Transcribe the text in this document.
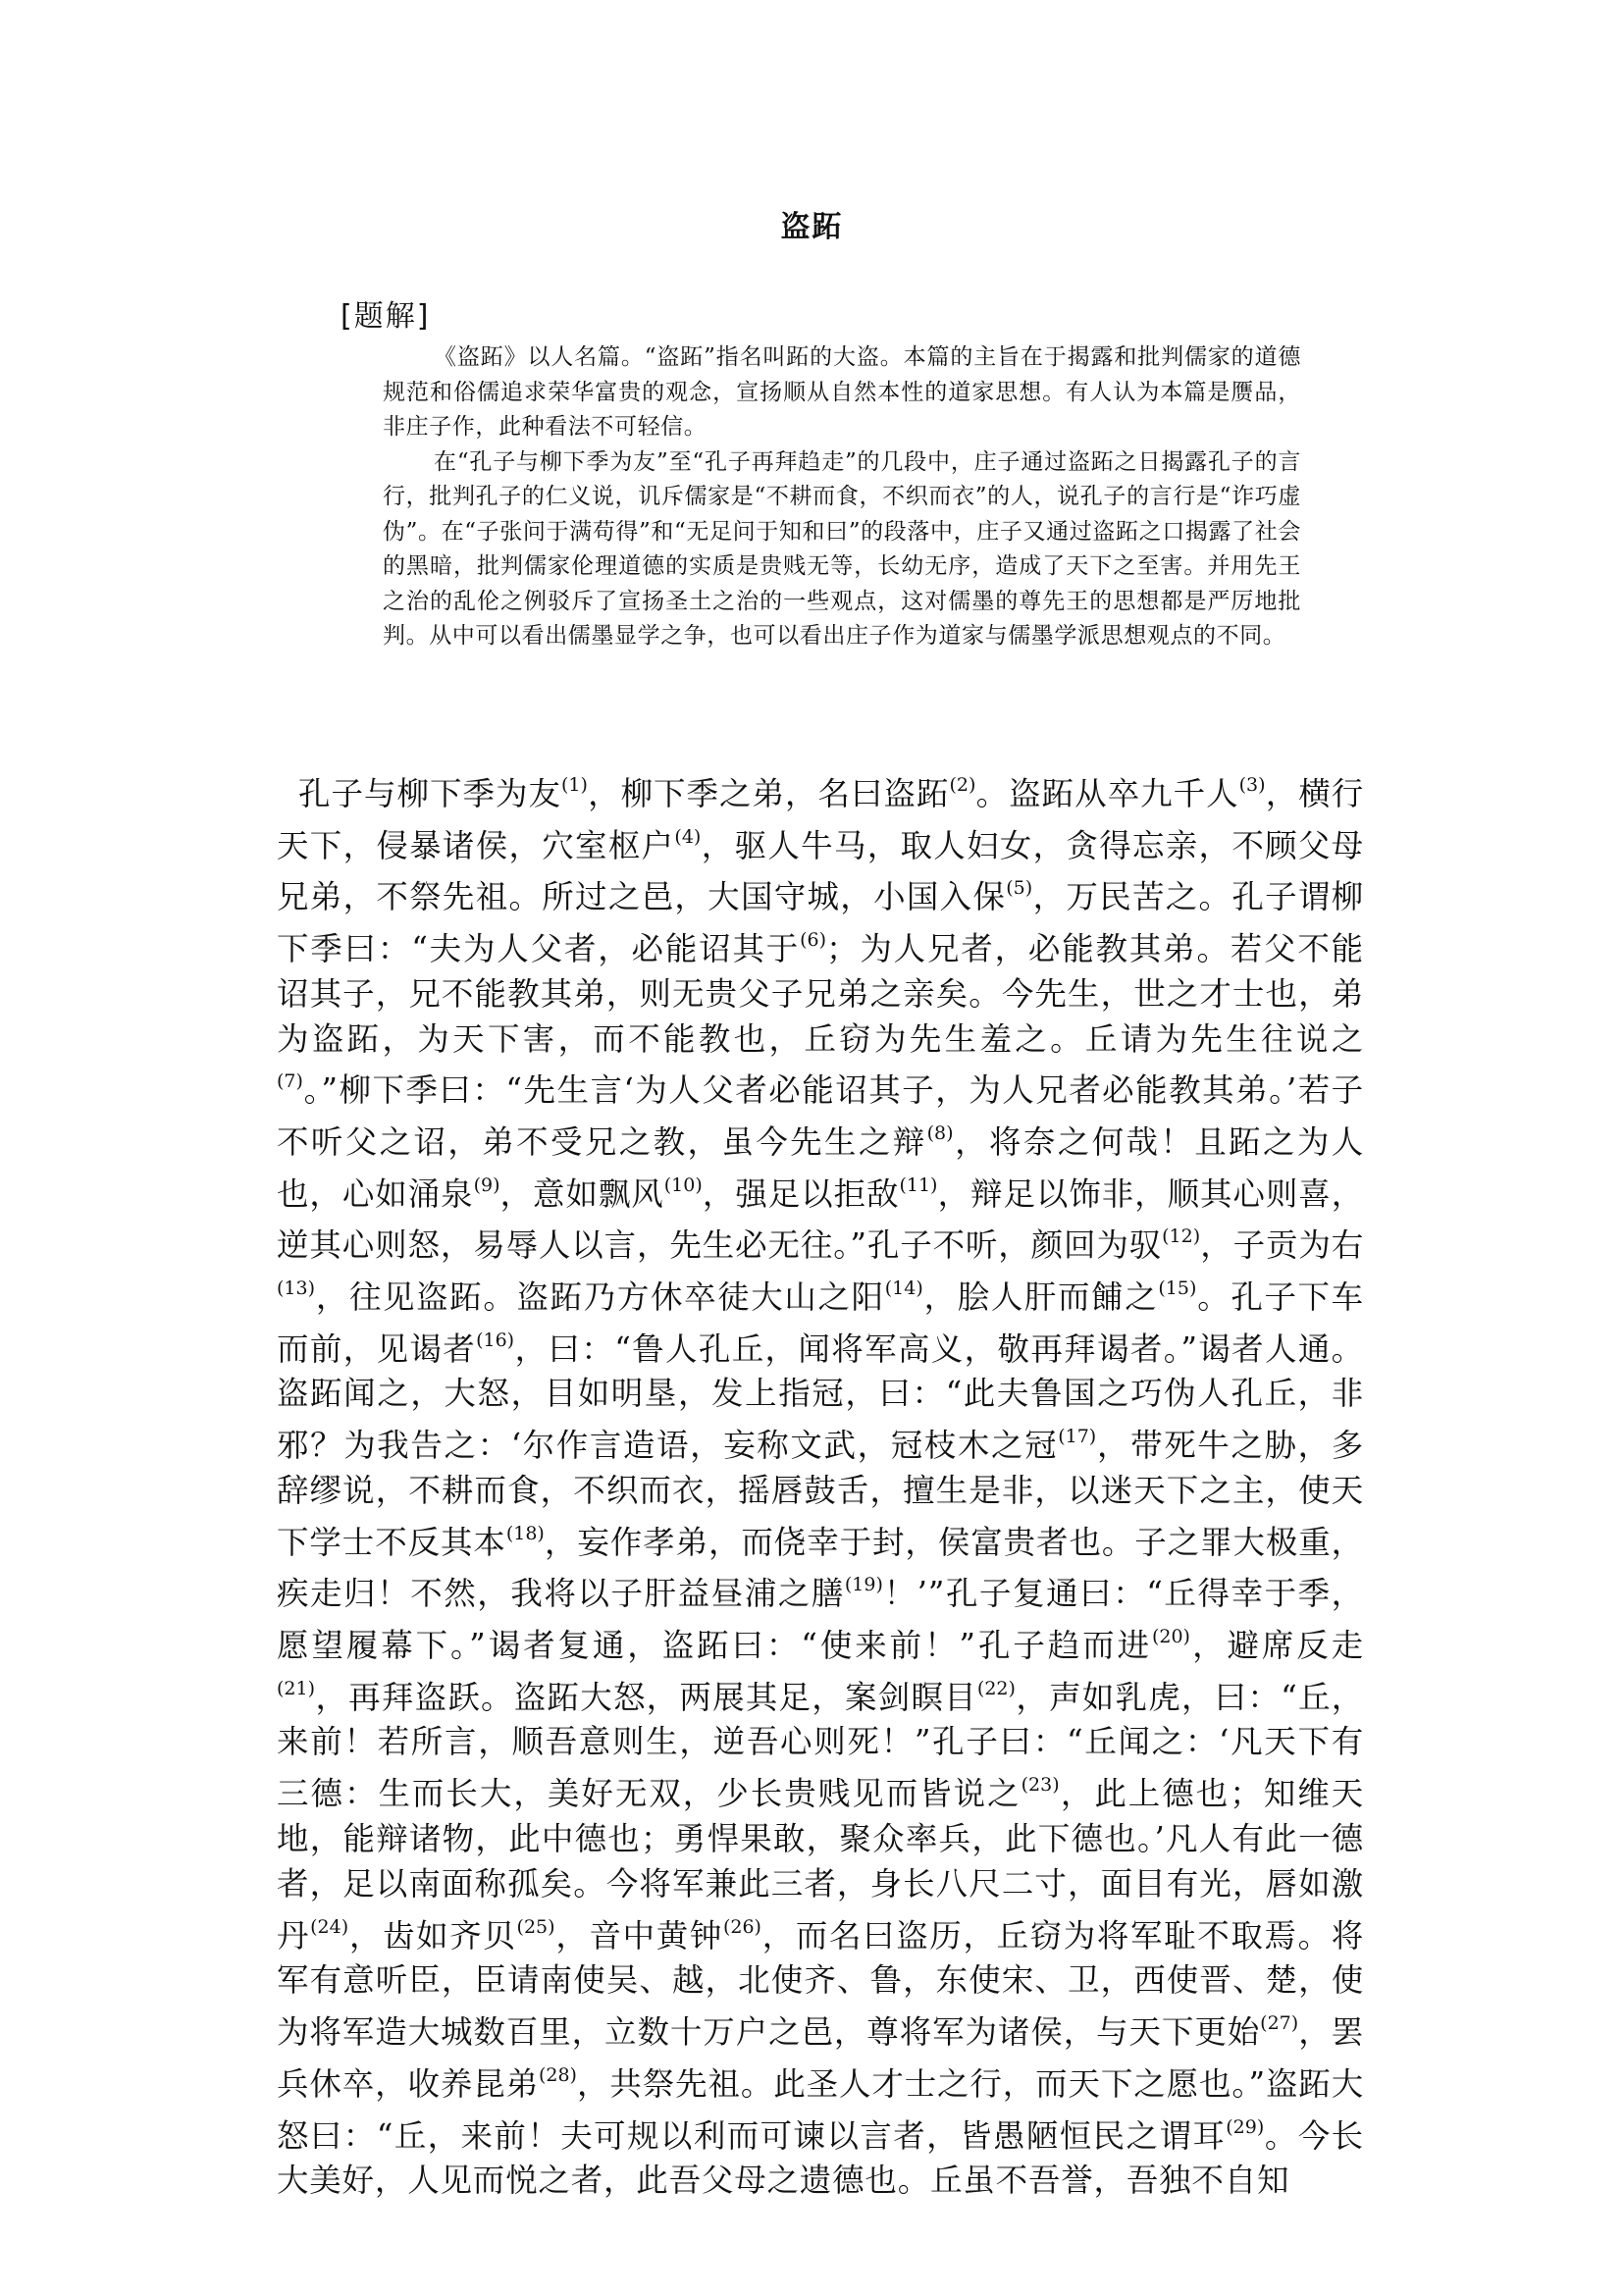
盗跖
[题解]

《盗跖》以人名篇。“盗跖”指名叫跖的大盗。本篇的主旨在于揭露和批判儒家的道德规范和俗儒追求荣华富贵的观念，宣扬顺从自然本性的道家思想。有人认为本篇是赝品，非庄子作，此种看法不可轻信。

在“孔子与柳下季为友”至“孔子再拜趋走”的几段中，庄子通过盗跖之日揭露孔子的言行，批判孔子的仁义说，讥斥儒家是“不耕而食，不织而衣”的人，说孔子的言行是“诈巧虚伪”。在“子张问于满苟得”和“无足问于知和曰”的段落中，庄子又通过盗跖之口揭露了社会的黑暗，批判儒家伦理道德的实质是贵贱无等，长幼无序，造成了天下之至害。并用先王之治的乱伦之例驳斥了宣扬圣土之治的一些观点，这对儒墨的尊先王的思想都是严厉地批判。从中可以看出儒墨显学之争，也可以看出庄子作为道家与儒墨学派思想观点的不同。

孔子与柳下季为友$^{(1)}$，柳下季之弟，名曰盗跖$^{(2)}$。盗跖从卒九千人$^{(3)}$，横行天下，侵暴诸侯，穴室枢户$^{(4)}$，驱人牛马，取人妇女，贪得忘亲，不顾父母兄弟，不祭先祖。所过之邑，大国守城，小国入保$^{(5)}$，万民苦之。孔子谓柳下季曰：“夫为人父者，必能诏其于$^{(6)}$；为人兄者，必能教其弟。若父不能诏其子，兄不能教其弟，则无贵父子兄弟之亲矣。今先生，世之才士也，弟为盗跖，为天下害，而不能教也，丘窃为先生羞之。丘请为先生往说之$^{(7)}$。”柳下季曰：“先生言‘为人父者必能诏其子，为人兄者必能教其弟。’若子不听父之诏，弟不受兄之教，虽今先生之辩$^{(8)}$，将奈之何哉！且跖之为人也，心如涌泉$^{(9)}$，意如飘风$^{(10)}$，强足以拒敌$^{(11)}$，辩足以饰非，顺其心则喜，逆其心则怒，易辱人以言，先生必无往。”孔子不听，颜回为驭$^{(12)}$，子贡为右$^{(13)}$，往见盗跖。盗跖乃方休卒徒大山之阳$^{(14)}$，脍人肝而餔之$^{(15)}$。孔子下车而前，见谒者$^{(16)}$，曰：“鲁人孔丘，闻将军高义，敬再拜谒者。”谒者人通。盗跖闻之，大怒，目如明垦，发上指冠，曰：“此夫鲁国之巧伪人孔丘，非邪？为我告之：‘尔作言造语，妄称文武，冠枝木之冠$^{(17)}$，带死牛之胁，多辞缪说，不耕而食，不织而衣，摇唇鼓舌，擅生是非，以迷天下之主，使天下学士不反其本$^{(18)}$，妄作孝弟，而侥幸于封，侯富贵者也。子之罪大极重，疾走归！不然，我将以子肝益昼浦之膳$^{(19)}$！’”孔子复通曰：“丘得幸于季，愿望履幕下。”谒者复通，盗跖曰：“使来前！”孔子趋而进$^{(20)}$，避席反走$^{(21)}$，再拜盗跃。盗跖大怒，两展其足，案剑瞑目$^{(22)}$，声如乳虎，曰：“丘，来前！若所言，顺吾意则生，逆吾心则死！”孔子曰：“丘闻之：‘凡天下有三德：生而长大，美好无双，少长贵贱见而皆说之$^{(23)}$，此上德也；知维天地，能辩诸物，此中德也；勇悍果敢，聚众率兵，此下德也。’凡人有此一德者，足以南面称孤矣。今将军兼此三者，身长八尺二寸，面目有光，唇如激丹$^{(24)}$，齿如齐贝$^{(25)}$，音中黄钟$^{(26)}$，而名曰盗历，丘窃为将军耻不取焉。将军有意听臣，臣请南使吴、越，北使齐、鲁，东使宋、卫，西使晋、楚，使为将军造大城数百里，立数十万户之邑，尊将军为诸侯，与天下更始$^{(27)}$，罢兵休卒，收养昆弟$^{(28)}$，共祭先祖。此圣人才士之行，而天下之愿也。”盗跖大怒曰：“丘，来前！夫可规以利而可谏以言者，皆愚陋恒民之谓耳$^{(29)}$。今长大美好，人见而悦之者，此吾父母之遗德也。丘虽不吾誉，吾独不自知
